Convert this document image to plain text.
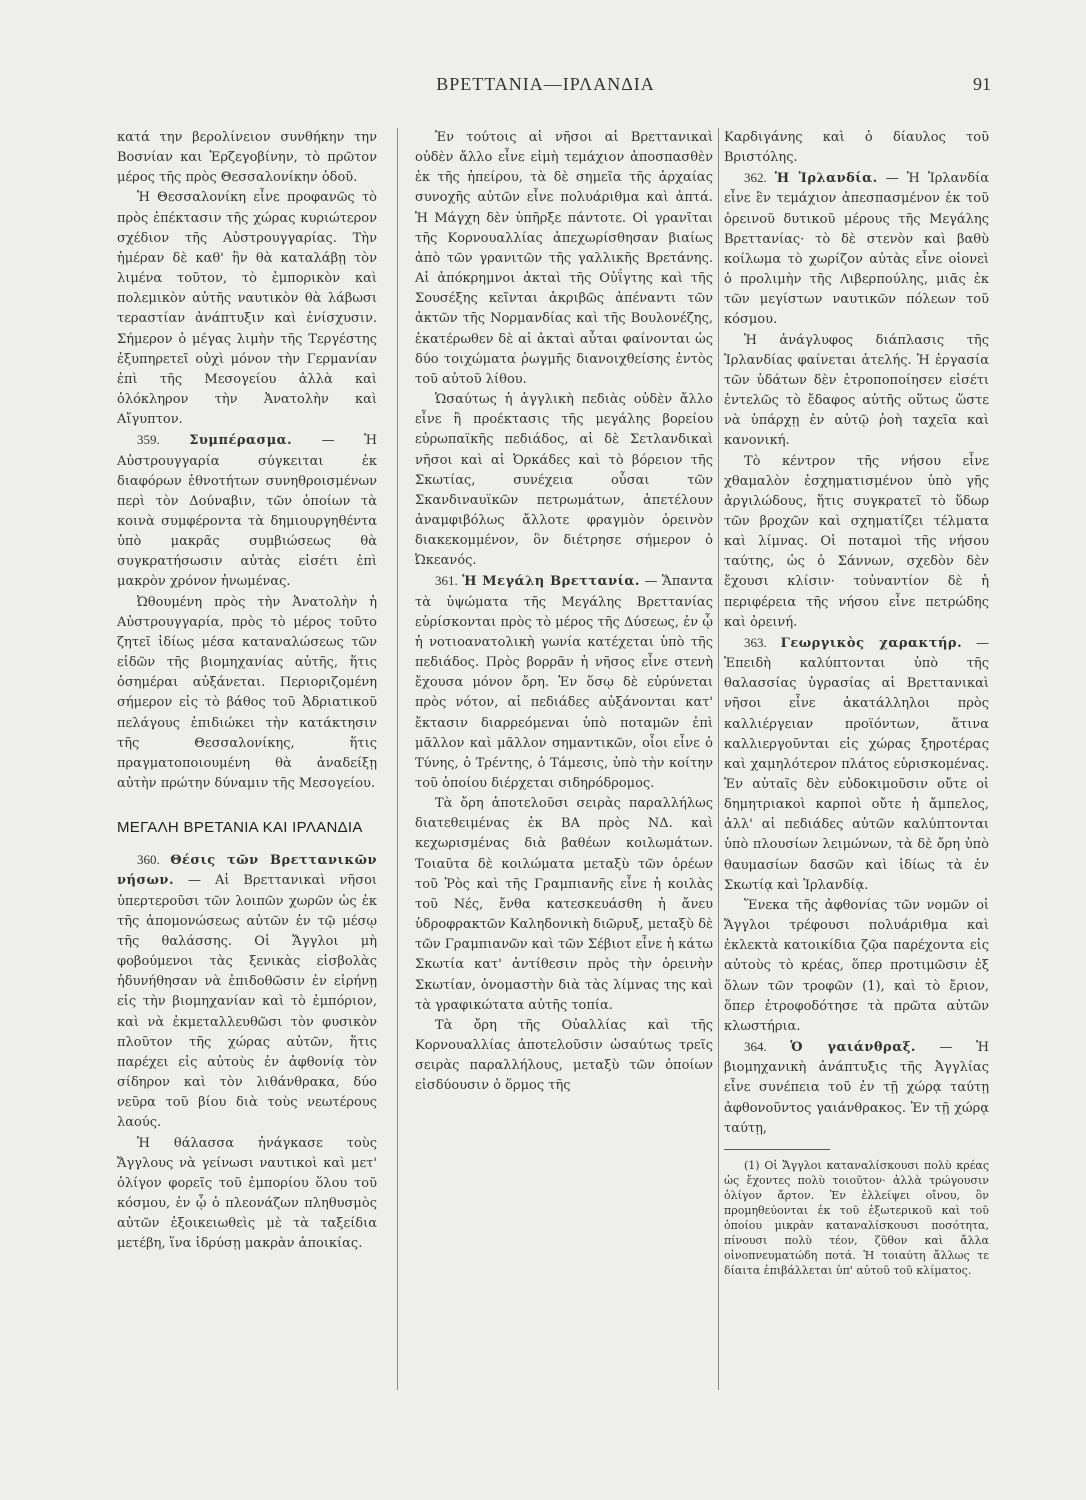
ΒΡΕΤΤΑΝΙΑ—ΙΡΛΑΝΔΙΑ	91

κατά την βερολίνειον συνθήκην την Βοσνίαν και Ἑρζεγοβίνην, τὸ πρῶτον μέρος τῆς πρὸς Θεσσαλονίκην ὁδοῦ.

Ἡ Θεσσαλονίκη εἶνε προφανῶς τὸ πρὸς ἐπέκτασιν τῆς χώρας κυριώτερον σχέδιον τῆς Αὐστρουγγαρίας. Τὴν ἡμέραν δὲ καθ' ἣν θὰ καταλάβῃ τὸν λιμένα τοῦτον, τὸ ἐμπορικὸν καὶ πολεμικὸν αὐτῆς ναυτικὸν θὰ λάβωσι τεραστίαν ἀνάπτυξιν καὶ ἐνίσχυσιν. Σήμερον ὁ μέγας λιμὴν τῆς Τεργέστης ἐξυπηρετεῖ οὐχὶ μόνον τὴν Γερμανίαν ἐπὶ τῆς Μεσογείου ἀλλὰ καὶ ὁλόκληρον τὴν Ἀνατολὴν καὶ Αἴγυπτον.

359. Συμπέρασμα. — Ἡ Αὐστρουγγαρία σύγκειται ἐκ διαφόρων ἐθνοτήτων συνηθροισμένων περὶ τὸν Δούναβιν, τῶν ὁποίων τὰ κοινὰ συμφέροντα τὰ δημιουργηθέντα ὑπὸ μακρᾶς συμβιώσεως θὰ συγκρατήσωσιν αὐτὰς εἰσέτι ἐπὶ μακρὸν χρόνον ἡνωμένας.

Ὠθουμένη πρὸς τὴν Ἀνατολὴν ἡ Αὐστρουγγαρία, πρὸς τὸ μέρος τοῦτο ζητεῖ ἰδίως μέσα καταναλώσεως τῶν εἰδῶν τῆς βιομηχανίας αὐτῆς, ἥτις ὁσημέραι αὐξάνεται. Περιοριζομένη σήμερον εἰς τὸ βάθος τοῦ Ἀδριατικοῦ πελάγους ἐπιδιώκει τὴν κατάκτησιν τῆς Θεσσαλονίκης, ἥτις πραγματοποιουμένη θὰ ἀναδείξῃ αὐτὴν πρώτην δύναμιν τῆς Μεσογείου.

ΜΕΓΑΛΗ ΒΡΕΤΑΝΙΑ ΚΑΙ ΙΡΛΑΝΔΙΑ

360. Θέσις τῶν Βρεττανικῶν νήσων. — Αἱ Βρεττανικαὶ νῆσοι ὑπερτεροῦσι τῶν λοιπῶν χωρῶν ὡς ἐκ τῆς ἀπομονώσεως αὐτῶν ἐν τῷ μέσῳ τῆς θαλάσσης. Οἱ Ἄγγλοι μὴ φοβούμενοι τὰς ξενικὰς εἰσβολὰς ἠδυνήθησαν νὰ ἐπιδοθῶσιν ἐν εἰρήνῃ εἰς τὴν βιομηχανίαν καὶ τὸ ἐμπόριον, καὶ νὰ ἐκμεταλλευθῶσι τὸν φυσικὸν πλοῦτον τῆς χώρας αὐτῶν, ἥτις παρέχει εἰς αὐτοὺς ἐν ἀφθονίᾳ τὸν σίδηρον καὶ τὸν λιθάνθρακα, δύο νεῦρα τοῦ βίου διὰ τοὺς νεωτέρους λαούς.

Ἡ θάλασσα ἠνάγκασε τοὺς Ἄγγλους νὰ γείνωσι ναυτικοὶ καὶ μετ' ὀλίγον φορεῖς τοῦ ἐμπορίου ὅλου τοῦ κόσμου, ἐν ᾧ ὁ πλεονάζων πληθυσμὸς αὐτῶν ἐξοικειωθεὶς μὲ τὰ ταξείδια μετέβη, ἵνα ἱδρύσῃ μακρὰν ἀποικίας.

Ἐν τούτοις αἱ νῆσοι αἱ Βρεττανικαὶ οὐδὲν ἄλλο εἶνε εἰμὴ τεμάχιον ἀποσπασθὲν ἐκ τῆς ἠπείρου, τὰ δὲ σημεῖα τῆς ἀρχαίας συνοχῆς αὐτῶν εἶνε πολυάριθμα καὶ ἀπτά. Ἡ Μάγχη δὲν ὑπῆρξε πάντοτε. Οἱ γρανῖται τῆς Κορνουαλλίας ἀπεχωρίσθησαν βιαίως ἀπὸ τῶν γρανιτῶν τῆς γαλλικῆς Βρετάνης. Αἱ ἀπόκρημνοι ἀκταὶ τῆς Οὐΐγτης καὶ τῆς Σουσέξης κεῖνται ἀκριβῶς ἀπέναντι τῶν ἀκτῶν τῆς Νορμανδίας καὶ τῆς Βουλονέζης, ἑκατέρωθεν δὲ αἱ ἀκταὶ αὗται φαίνονται ὡς δύο τοιχώματα ῥωγμῆς διανοιχθείσης ἐντὸς τοῦ αὐτοῦ λίθου.

Ὡσαύτως ἡ ἀγγλικὴ πεδιὰς οὐδὲν ἄλλο εἶνε ἢ προέκτασις τῆς μεγάλης βορείου εὐρωπαϊκῆς πεδιάδος, αἱ δὲ Σετλανδικαὶ νῆσοι καὶ αἱ Ὀρκάδες καὶ τὸ βόρειον τῆς Σκωτίας, συνέχεια οὖσαι τῶν Σκανδιναυϊκῶν πετρωμάτων, ἀπετέλουν ἀναμφιβόλως ἄλλοτε φραγμὸν ὀρεινὸν διακεκομμένον, ὃν διέτρησε σήμερον ὁ Ὠκεανός.

361. Ἡ Μεγάλη Βρεττανία. — Ἅπαντα τὰ ὑψώματα τῆς Μεγάλης Βρεττανίας εὑρίσκονται πρὸς τὸ μέρος τῆς Δύσεως, ἐν ᾧ ἡ νοτιοανατολικὴ γωνία κατέχεται ὑπὸ τῆς πεδιάδος. Πρὸς βορρᾶν ἡ νῆσος εἶνε στενὴ ἔχουσα μόνον ὄρη. Ἐν ὅσῳ δὲ εὐρύνεται πρὸς νότον, αἱ πεδιάδες αὐξάνονται κατ' ἔκτασιν διαρρεόμεναι ὑπὸ ποταμῶν ἐπὶ μᾶλλον καὶ μᾶλλον σημαντικῶν, οἷοι εἶνε ὁ Τύνης, ὁ Τρέντης, ὁ Τάμεσις, ὑπὸ τὴν κοίτην τοῦ ὁποίου διέρχεται σιδηρόδρομος.

Τὰ ὄρη ἀποτελοῦσι σειρὰς παραλλήλως διατεθειμένας ἐκ ΒΑ πρὸς ΝΔ. καὶ κεχωρισμένας διὰ βαθέων κοιλωμάτων. Τοιαῦτα δὲ κοιλώματα μεταξὺ τῶν ὀρέων τοῦ Ῥὸς καὶ τῆς Γραμπιανῆς εἶνε ἡ κοιλὰς τοῦ Νές, ἔνθα κατεσκευάσθη ἡ ἄνευ ὑδροφρακτῶν Καληδονικὴ διῶρυξ, μεταξὺ δὲ τῶν Γραμπιανῶν καὶ τῶν Σέβιοτ εἶνε ἡ κάτω Σκωτία κατ' ἀντίθεσιν πρὸς τὴν ὀρεινὴν Σκωτίαν, ὀνομαστὴν διὰ τὰς λίμνας της καὶ τὰ γραφικώτατα αὐτῆς τοπία.

Τὰ ὄρη τῆς Οὐαλλίας καὶ τῆς Κορνουαλλίας ἀποτελοῦσιν ὡσαύτως τρεῖς σειρὰς παραλλήλους, μεταξὺ τῶν ὁποίων εἰσδύουσιν ὁ ὅρμος τῆς

Καρδιγάνης καὶ ὁ δίαυλος τοῦ Βριστόλης.

362. Ἡ Ἰρλανδία. — Ἡ Ἰρλανδία εἶνε ἓν τεμάχιον ἀπεσπασμένον ἐκ τοῦ ὀρεινοῦ δυτικοῦ μέρους τῆς Μεγάλης Βρεττανίας· τὸ δὲ στενὸν καὶ βαθὺ κοίλωμα τὸ χωρίζον αὐτὰς εἶνε οἱονεὶ ὁ προλιμὴν τῆς Λιβερπούλης, μιᾶς ἐκ τῶν μεγίστων ναυτικῶν πόλεων τοῦ κόσμου.

Ἡ ἀνάγλυφος διάπλασις τῆς Ἰρλανδίας φαίνεται ἀτελής. Ἡ ἐργασία τῶν ὑδάτων δὲν ἐτροποποίησεν εἰσέτι ἐντελῶς τὸ ἔδαφος αὐτῆς οὕτως ὥστε νὰ ὑπάρχῃ ἐν αὐτῷ ῥοὴ ταχεῖα καὶ κανονική.

Τὸ κέντρον τῆς νήσου εἶνε χθαμαλὸν ἐσχηματισμένον ὑπὸ γῆς ἀργιλώδους, ἥτις συγκρατεῖ τὸ ὕδωρ τῶν βροχῶν καὶ σχηματίζει τέλματα καὶ λίμνας. Οἱ ποταμοὶ τῆς νήσου ταύτης, ὡς ὁ Σάννων, σχεδὸν δὲν ἔχουσι κλίσιν· τοὐναντίον δὲ ἡ περιφέρεια τῆς νήσου εἶνε πετρώδης καὶ ὀρεινή.

363. Γεωργικὸς χαρακτήρ. — Ἐπειδὴ καλύπτονται ὑπὸ τῆς θαλασσίας ὑγρασίας αἱ Βρεττανικαὶ νῆσοι εἶνε ἀκατάλληλοι πρὸς καλλιέργειαν προϊόντων, ἅτινα καλλιεργοῦνται εἰς χώρας ξηροτέρας καὶ χαμηλότερον πλάτος εὑρισκομένας. Ἐν αὐταῖς δὲν εὐδοκιμοῦσιν οὔτε οἱ δημητριακοὶ καρποὶ οὔτε ἡ ἄμπελος, ἀλλ' αἱ πεδιάδες αὐτῶν καλύπτονται ὑπὸ πλουσίων λειμώνων, τὰ δὲ ὄρη ὑπὸ θαυμασίων δασῶν καὶ ἰδίως τὰ ἐν Σκωτίᾳ καὶ Ἰρλανδίᾳ.

Ἕνεκα τῆς ἀφθονίας τῶν νομῶν οἱ Ἄγγλοι τρέφουσι πολυάριθμα καὶ ἐκλεκτὰ κατοικίδια ζῷα παρέχοντα εἰς αὐτοὺς τὸ κρέας, ὅπερ προτιμῶσιν ἐξ ὅλων τῶν τροφῶν (1), καὶ τὸ ἔριον, ὅπερ ἐτροφοδότησε τὰ πρῶτα αὐτῶν κλωστήρια.

364. Ὁ γαιάνθραξ. — Ἡ βιομηχανικὴ ἀνάπτυξις τῆς Ἀγγλίας εἶνε συνέπεια τοῦ ἐν τῇ χώρᾳ ταύτῃ ἀφθονοῦντος γαιάνθρακος. Ἐν τῇ χώρᾳ ταύτῃ,

(1) Οἱ Ἄγγλοι καταναλίσκουσι πολὺ κρέας ὡς ἔχοντες πολὺ τοιοῦτον· ἀλλὰ τρώγουσιν ὀλίγον ἄρτον. Ἐν ἐλλείψει οἴνου, ὃν προμηθεύονται ἐκ τοῦ ἐξωτερικοῦ καὶ τοῦ ὁποίου μικρὰν καταναλίσκουσι ποσότητα, πίνουσι πολὺ τέον, ζῦθον καὶ ἄλλα οἰνοπνευματώδη ποτά. Ἡ τοιαύτη ἄλλως τε δίαιτα ἐπιβάλλεται ὑπ' αὐτοῦ τοῦ κλίματος.
